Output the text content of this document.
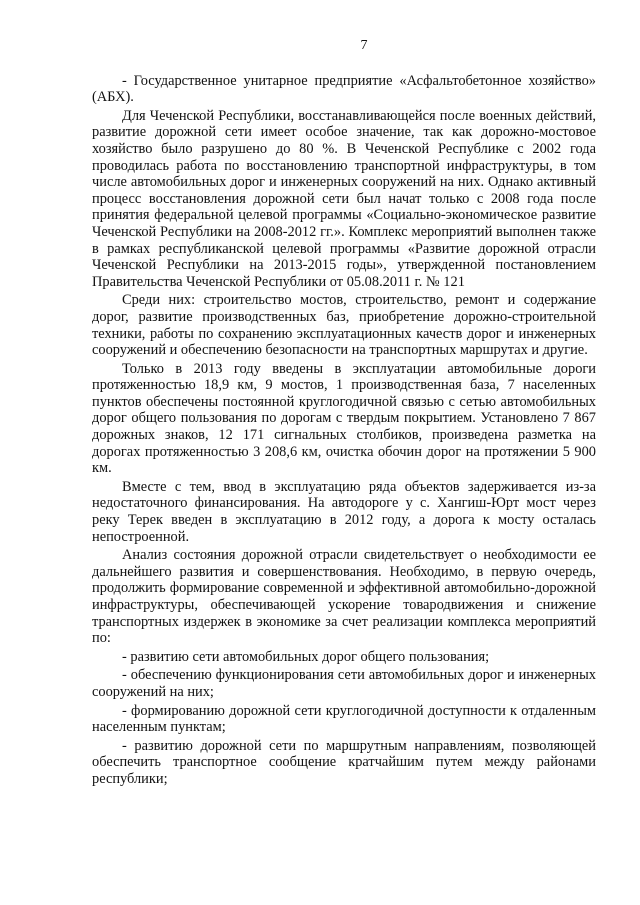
7

- Государственное унитарное предприятие «Асфальтобетонное хозяйство» (АБХ).

Для Чеченской Республики, восстанавливающейся после военных действий, развитие дорожной сети имеет особое значение, так как дорожно-мостовое хозяйство было разрушено до 80 %. В Чеченской Республике с 2002 года проводилась работа по восстановлению транспортной инфраструктуры, в том числе автомобильных дорог и инженерных сооружений на них. Однако активный процесс восстановления дорожной сети был начат только с 2008 года после принятия федеральной целевой программы «Социально-экономическое развитие Чеченской Республики на 2008-2012 гг.». Комплекс мероприятий выполнен также в рамках республиканской целевой программы «Развитие дорожной отрасли Чеченской Республики на 2013-2015 годы», утвержденной постановлением Правительства Чеченской Республики от 05.08.2011 г. № 121

Среди них: строительство мостов, строительство, ремонт и содержание дорог, развитие производственных баз, приобретение дорожно-строительной техники, работы по сохранению эксплуатационных качеств дорог и инженерных сооружений и обеспечению безопасности на транспортных маршрутах и другие.

Только в 2013 году введены в эксплуатации автомобильные дороги протяженностью 18,9 км, 9 мостов, 1 производственная база, 7 населенных пунктов обеспечены постоянной круглогодичной связью с сетью автомобильных дорог общего пользования по дорогам с твердым покрытием. Установлено 7 867 дорожных знаков, 12 171 сигнальных столбиков, произведена разметка на дорогах протяженностью 3 208,6 км, очистка обочин дорог на протяжении 5 900 км.

Вместе с тем, ввод в эксплуатацию ряда объектов задерживается из-за недостаточного финансирования. На автодороге у с. Хангиш-Юрт мост через реку Терек введен в эксплуатацию в 2012 году, а дорога к мосту осталась непостроенной.

Анализ состояния дорожной отрасли свидетельствует о необходимости ее дальнейшего развития и совершенствования. Необходимо, в первую очередь, продолжить формирование современной и эффективной автомобильно-дорожной инфраструктуры, обеспечивающей ускорение товародвижения и снижение транспортных издержек в экономике за счет реализации комплекса мероприятий по:

- развитию сети автомобильных дорог общего пользования;

- обеспечению функционирования сети автомобильных дорог и инженерных сооружений на них;

- формированию дорожной сети круглогодичной доступности к отдаленным населенным пунктам;

- развитию дорожной сети по маршрутным направлениям, позволяющей обеспечить транспортное сообщение кратчайшим путем между районами республики;
